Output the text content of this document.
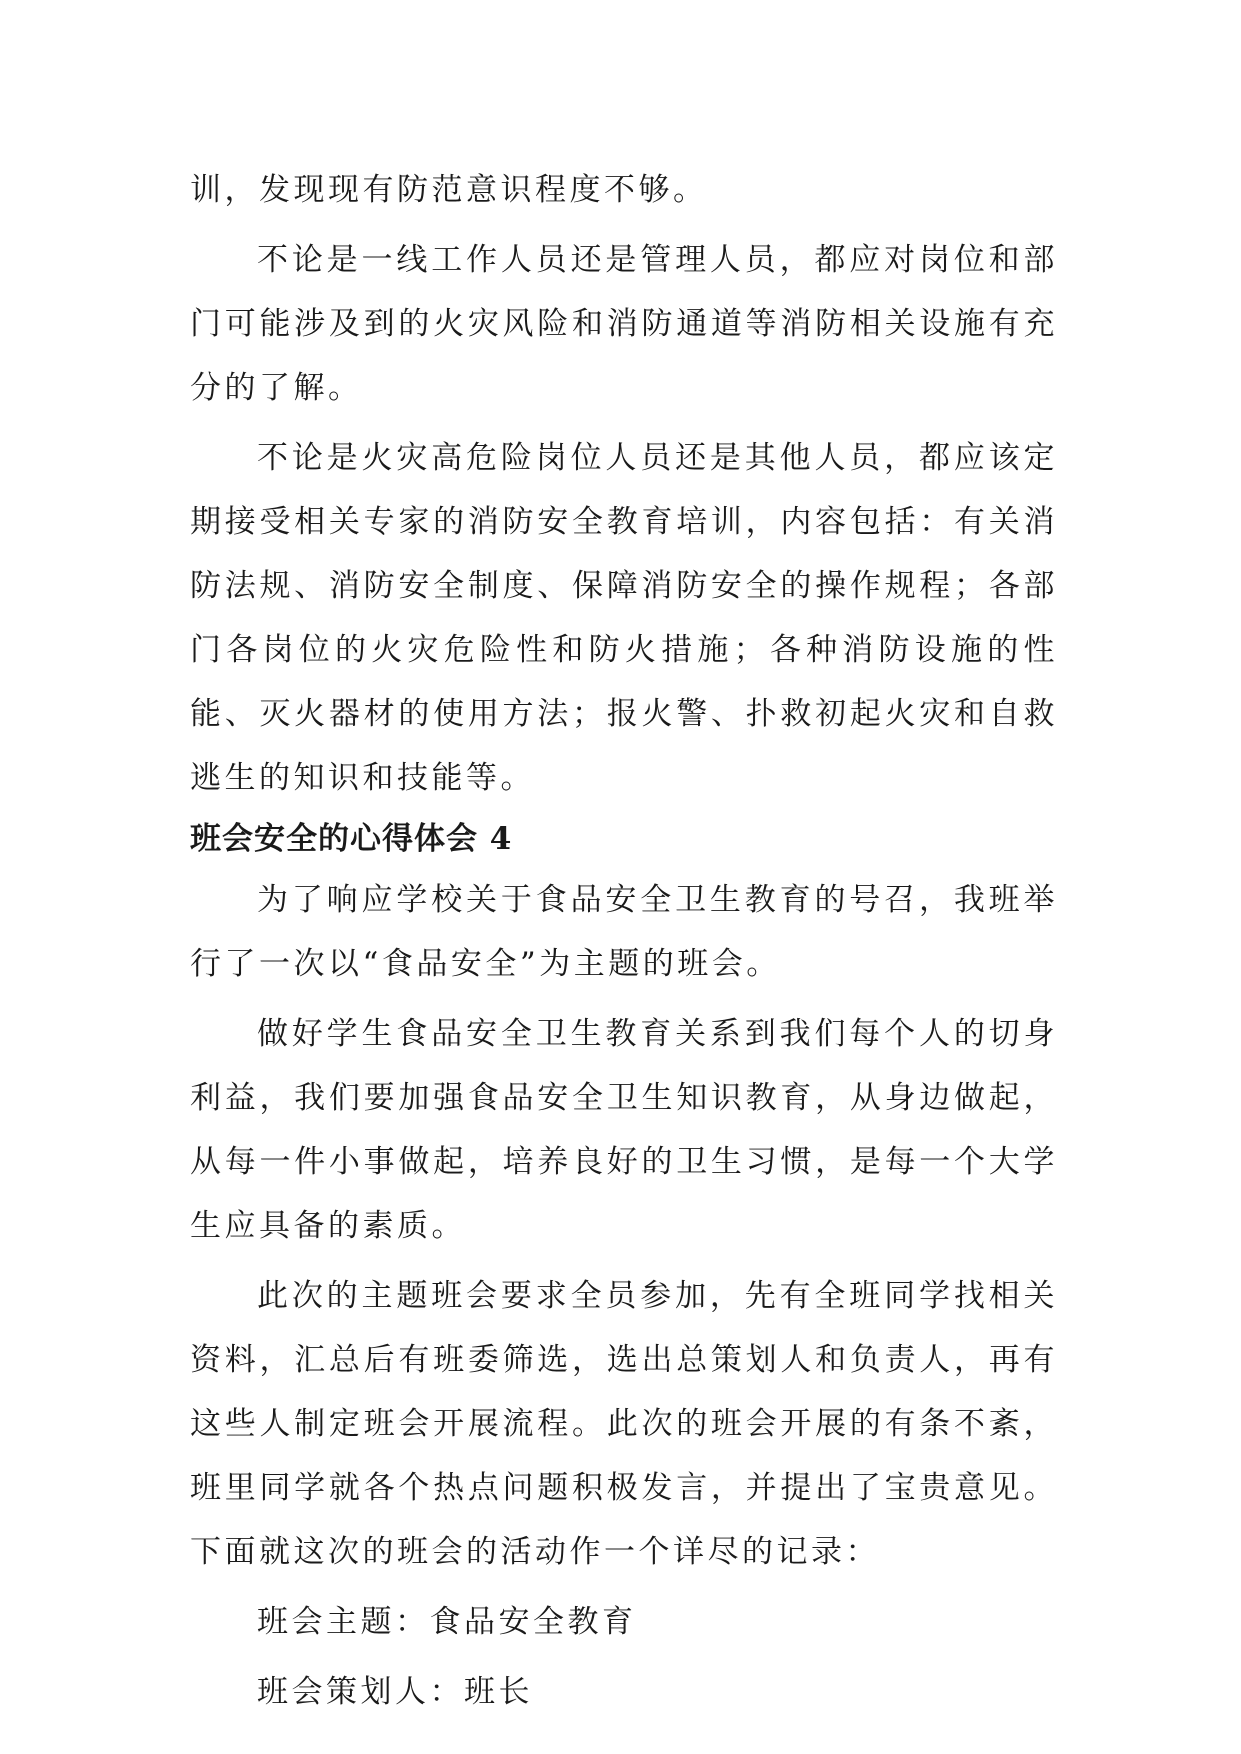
训，发现现有防范意识程度不够。

不论是一线工作人员还是管理人员，都应对岗位和部门可能涉及到的火灾风险和消防通道等消防相关设施有充分的了解。

不论是火灾高危险岗位人员还是其他人员，都应该定期接受相关专家的消防安全教育培训，内容包括：有关消防法规、消防安全制度、保障消防安全的操作规程；各部门各岗位的火灾危险性和防火措施；各种消防设施的性能、灭火器材的使用方法；报火警、扑救初起火灾和自救逃生的知识和技能等。

班会安全的心得体会 4

为了响应学校关于食品安全卫生教育的号召，我班举行了一次以“食品安全”为主题的班会。

做好学生食品安全卫生教育关系到我们每个人的切身利益，我们要加强食品安全卫生知识教育，从身边做起，从每一件小事做起，培养良好的卫生习惯，是每一个大学生应具备的素质。

此次的主题班会要求全员参加，先有全班同学找相关资料，汇总后有班委筛选，选出总策划人和负责人，再有这些人制定班会开展流程。此次的班会开展的有条不紊，班里同学就各个热点问题积极发言，并提出了宝贵意见。下面就这次的班会的活动作一个详尽的记录：

班会主题：食品安全教育

班会策划人：班长
